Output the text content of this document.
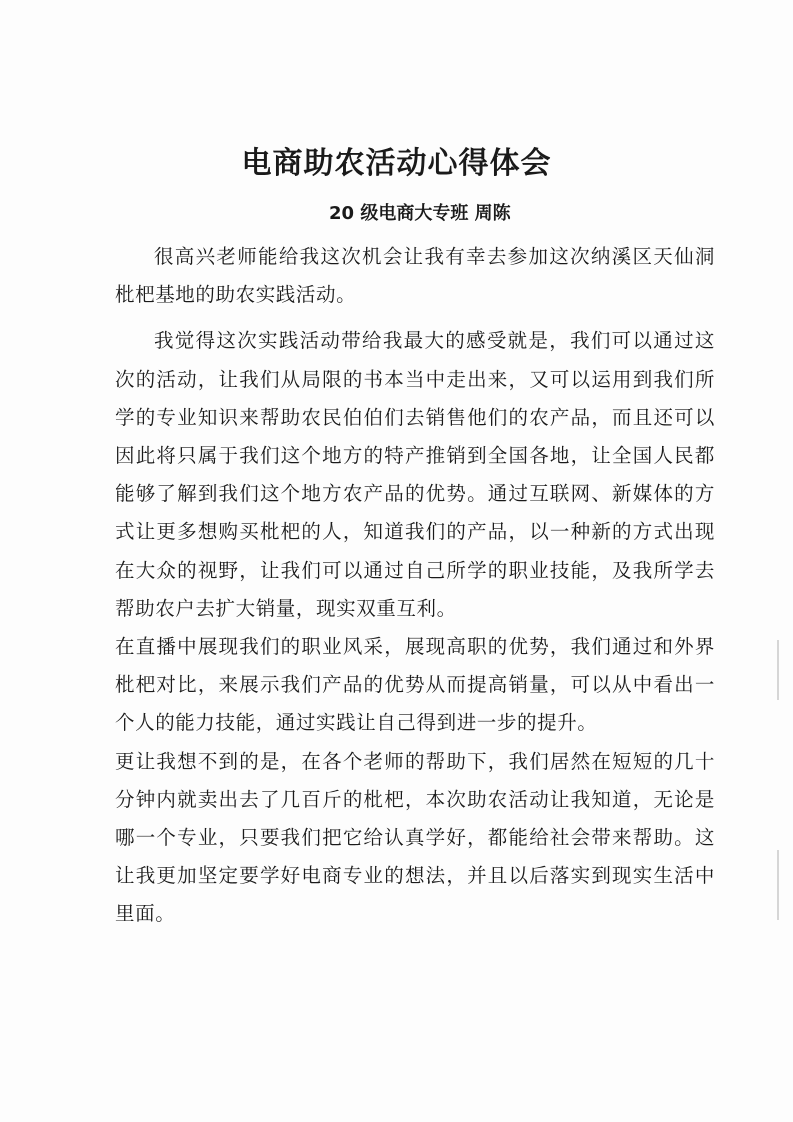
电商助农活动心得体会

20 级电商大专班 周陈

很高兴老师能给我这次机会让我有幸去参加这次纳溪区天仙洞枇杷基地的助农实践活动。

我觉得这次实践活动带给我最大的感受就是，我们可以通过这次的活动，让我们从局限的书本当中走出来，又可以运用到我们所学的专业知识来帮助农民伯伯们去销售他们的农产品，而且还可以因此将只属于我们这个地方的特产推销到全国各地，让全国人民都能够了解到我们这个地方农产品的优势。通过互联网、新媒体的方式让更多想购买枇杷的人，知道我们的产品，以一种新的方式出现在大众的视野，让我们可以通过自己所学的职业技能，及我所学去帮助农户去扩大销量，现实双重互利。

在直播中展现我们的职业风采，展现高职的优势，我们通过和外界枇杷对比，来展示我们产品的优势从而提高销量，可以从中看出一个人的能力技能，通过实践让自己得到进一步的提升。

更让我想不到的是，在各个老师的帮助下，我们居然在短短的几十分钟内就卖出去了几百斤的枇杷，本次助农活动让我知道，无论是哪一个专业，只要我们把它给认真学好，都能给社会带来帮助。这让我更加坚定要学好电商专业的想法，并且以后落实到现实生活中里面。
